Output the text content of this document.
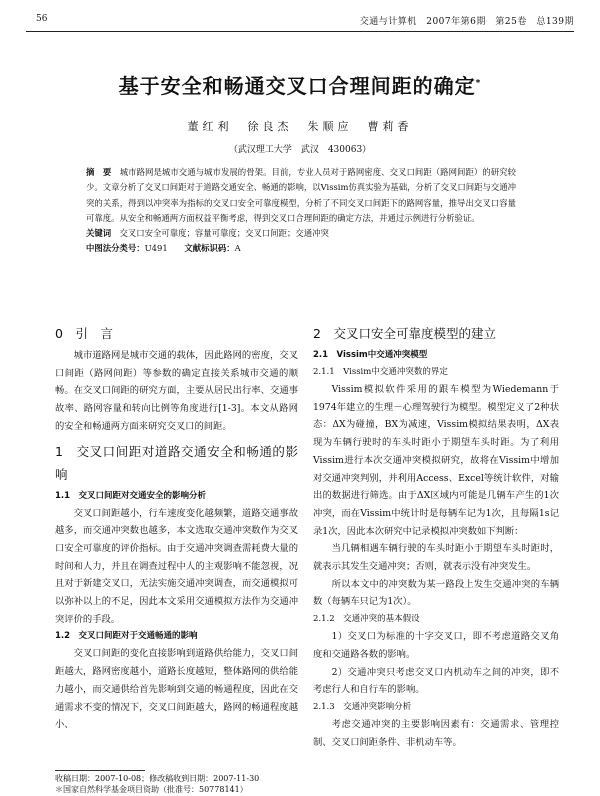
56	交通与计算机　2007年第6期　第25卷　总139期
基于安全和畅通交叉口合理间距的确定*
董红利　徐良杰　朱顺应　曹莉香
（武汉理工大学　武汉　430063）
摘　要　 城市路网是城市交通与城市发展的骨架。目前，专业人员对于路网密度、交叉口间距（路网间距）的研究较少。文章分析了交叉口间距对于道路交通安全、畅通的影响，以Vissim仿真实验为基础，分析了交叉口间距与交通冲突的关系，得到以冲突率为指标的交叉口安全可靠度模型，分析了不同交叉口间距下的路网容量，推导出交叉口容量可靠度。从安全和畅通两方面权益平衡考虑，得到交叉口合理间距的确定方法，并通过示例进行分析验证。
关键词　 交叉口安全可靠度；容量可靠度；交叉口间距；交通冲突
中图法分类号：U491　　 文献标识码：A
0　引　言

城市道路网是城市交通的载体，因此路网的密度，交叉口间距（路网间距）等参数的确定直接关系城市交通的顺畅。在交叉口间距的研究方面，主要从居民出行率、交通事故率、路网容量和转向比例等角度进行[1-3]。本文从路网的安全和畅通两方面来研究交叉口的间距。

1　交叉口间距对道路交通安全和畅通的影响
1.1　交叉口间距对交通安全的影响分析

交叉口间距越小，行车速度变化越频繁，道路交通事故越多，而交通冲突数也越多，本文选取交通冲突数作为交叉口安全可靠度的评价指标。由于交通冲突调查需耗费大量的时间和人力，并且在调查过程中人的主观影响不能忽视，况且对于新建交叉口，无法实施交通冲突调查，而交通模拟可以弥补以上的不足，因此本文采用交通模拟方法作为交通冲突评价的手段。

1.2　交叉口间距对于交通畅通的影响

交叉口间距的变化直接影响到道路供给能力，交叉口间距越大，路网密度越小，道路长度越短，整体路网的供给能力越小，而交通供给首先影响到交通的畅通程度，因此在交通需求不变的情况下，交叉口间距越大，路网的畅通程度越小、

2　交叉口安全可靠度模型的建立
2.1　Vissim中交通冲突模型
2.1.1　Vissim中交通冲突数的界定

Vissim模拟软件采用的跟车模型为Wiedemann于1974年建立的生理－心理驾驶行为模型。模型定义了2种状态：ΔX为碰撞，BX为减速，Vissim模拟结果表明，ΔX表现为车辆行驶时的车头时距小于期望车头时距。为了利用Vissim进行本次交通冲突模拟研究，故将在Vissim中增加对交通冲突判别，并利用Access、Excel等统计软件，对输出的数据进行筛选。由于ΔX区域内可能是几辆车产生的1次冲突，而在Vissim中统计时是每辆车记为1次，且每隔1s记录1次，因此本次研究中记录模拟冲突数如下判断：

当几辆相遇车辆行驶的车头时距小于期望车头时距时，就表示其发生交通冲突；否则，就表示没有冲突发生。

所以本文中的冲突数为某一路段上发生交通冲突的车辆数（每辆车只记为1次）。

2.1.2　交通冲突的基本假设

1）交叉口为标准的十字交叉口，即不考虑道路交叉角度和交通路各数的影响。

2）交通冲突只考虑交叉口内机动车之间的冲突，即不考虑行人和自行车的影响。

2.1.3　交通冲突影响分析

考虑交通冲突的主要影响因素有：交通需求、管理控制、交叉口间距条件、非机动车等。

收稿日期：2007-10-08；修改稿收到日期：2007-11-30
＊国家自然科学基金项目资助（批准号：50778141）
